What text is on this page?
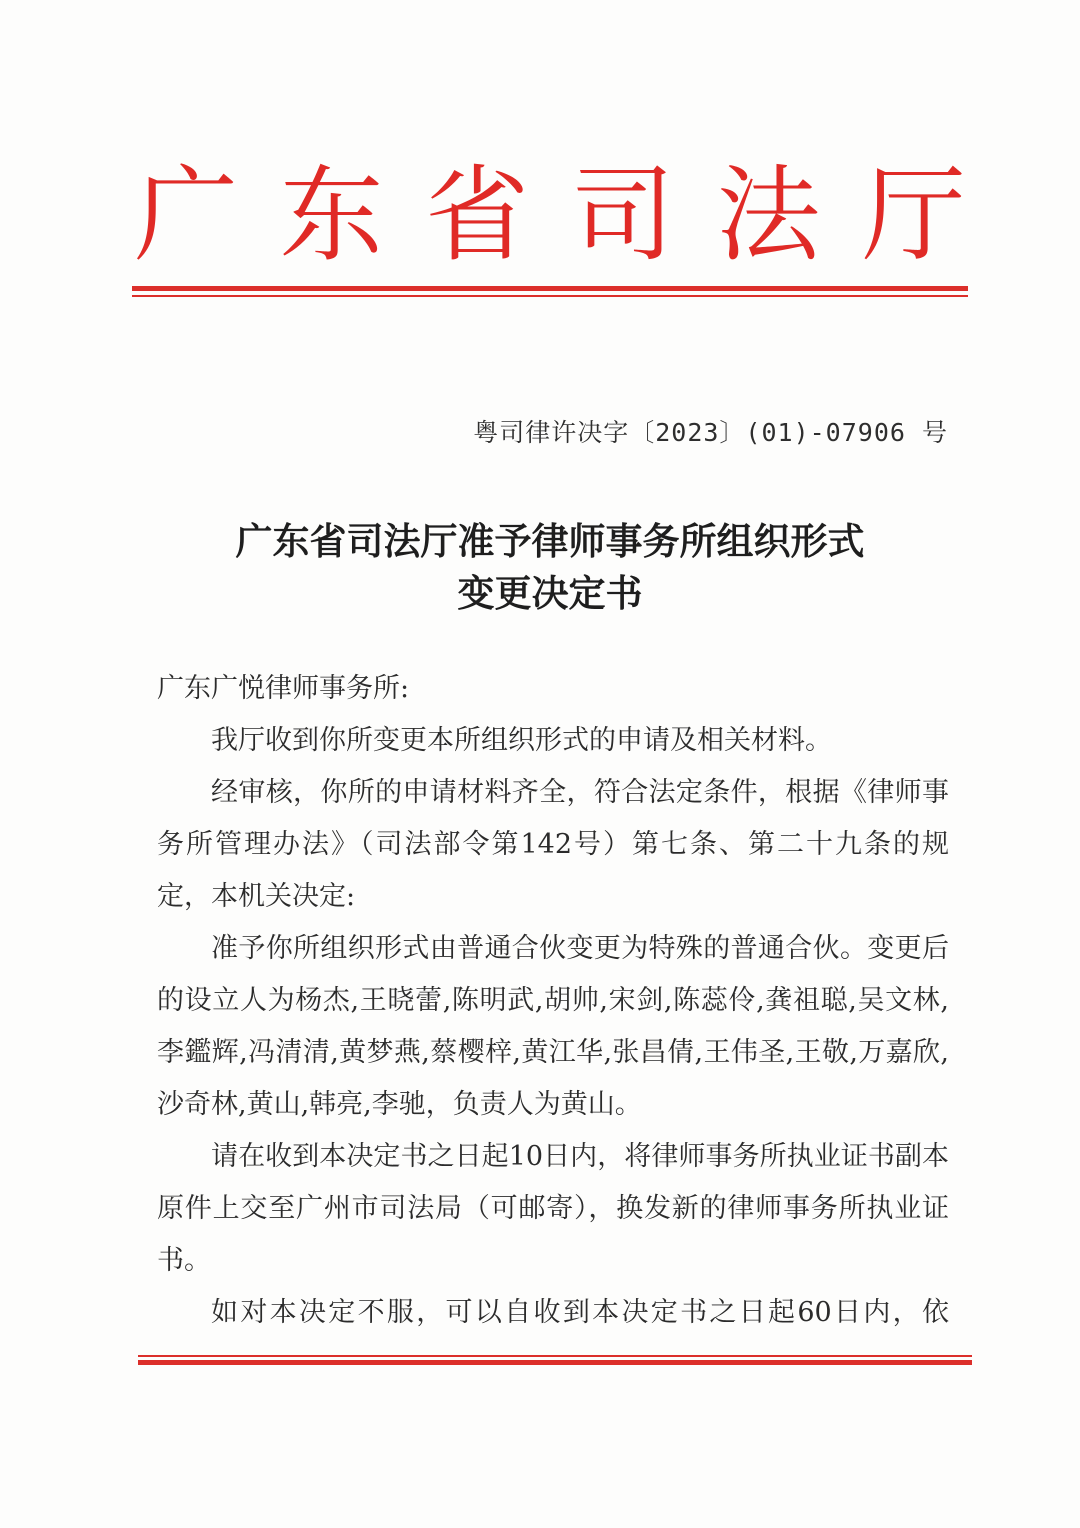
广 东 省 司 法 厅
粤司律许决字〔2023〕(01)-07906 号
广东省司法厅准予律师事务所组织形式
变更决定书

广东广悦律师事务所:

我厅收到你所变更本所组织形式的申请及相关材料。

经审核，你所的申请材料齐全，符合法定条件，根据《律师事务所管理办法》（司法部令第142号）第七条、第二十九条的规定，本机关决定:

准予你所组织形式由普通合伙变更为特殊的普通合伙。变更后的设立人为杨杰,王晓蕾,陈明武,胡帅,宋剑,陈蕊伶,龚祖聪,吴文林,李鑑辉,冯清清,黄梦燕,蔡樱梓,黄江华,张昌倩,王伟圣,王敬,万嘉欣,沙奇林,黄山,韩亮,李驰，负责人为黄山。

请在收到本决定书之日起10日内，将律师事务所执业证书副本原件上交至广州市司法局（可邮寄），换发新的律师事务所执业证书。

如对本决定不服，可以自收到本决定书之日起60日内，依
